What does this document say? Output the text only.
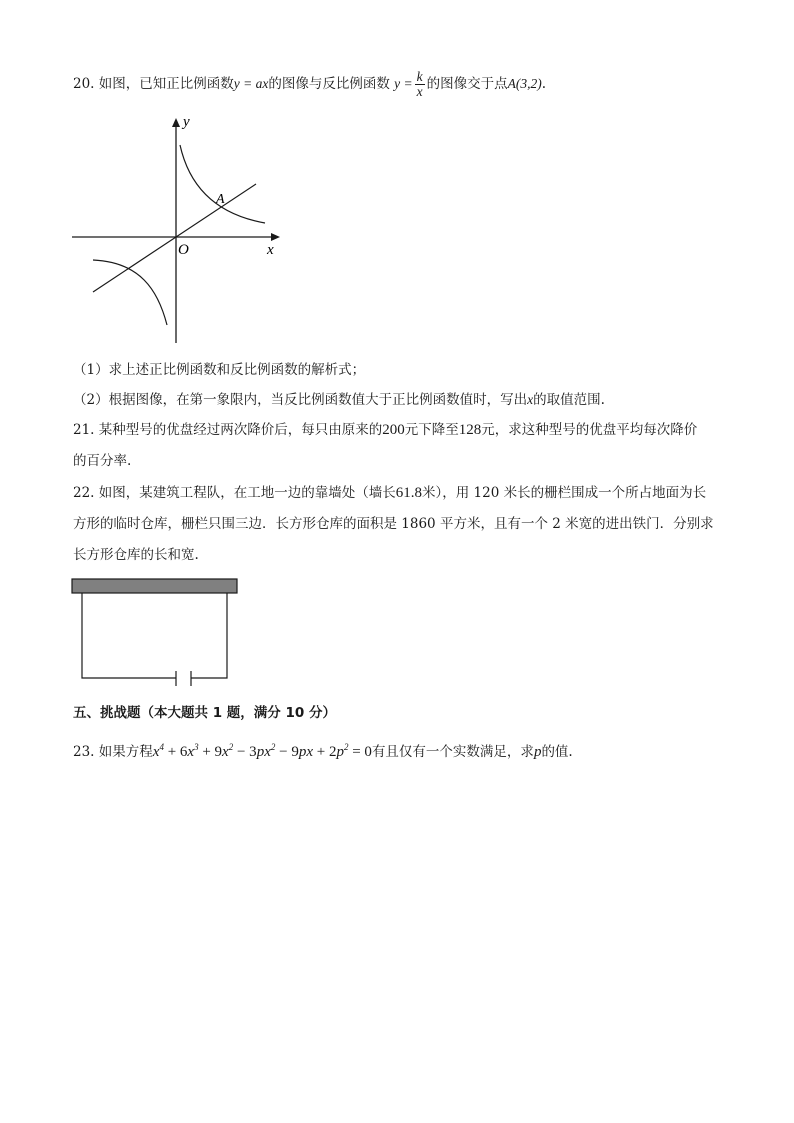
20. 如图，已知正比例函数y = ax的图像与反比例函数 $y = \frac{k}{x}$ 的图像交于点A(3,2).
y
x
O
A
（1）求上述正比例函数和反比例函数的解析式；
（2）根据图像，在第一象限内，当反比例函数值大于正比例函数值时，写出x的取值范围.
21. 某种型号的优盘经过两次降价后，每只由原来的200元下降至128元，求这种型号的优盘平均每次降价
的百分率.
22. 如图，某建筑工程队，在工地一边的靠墙处（墙长61.8米），用 120 米长的栅栏围成一个所占地面为长
方形的临时仓库，栅栏只围三边．长方形仓库的面积是 1860 平方米，且有一个 2 米宽的进出铁门．分别求
长方形仓库的长和宽.
五、挑战题（本大题共 1 题，满分 10 分）
23. 如果方程$x^4 + 6x^3 + 9x^2 - 3px^2 - 9px + 2p^2 = 0$有且仅有一个实数满足，求p的值.
